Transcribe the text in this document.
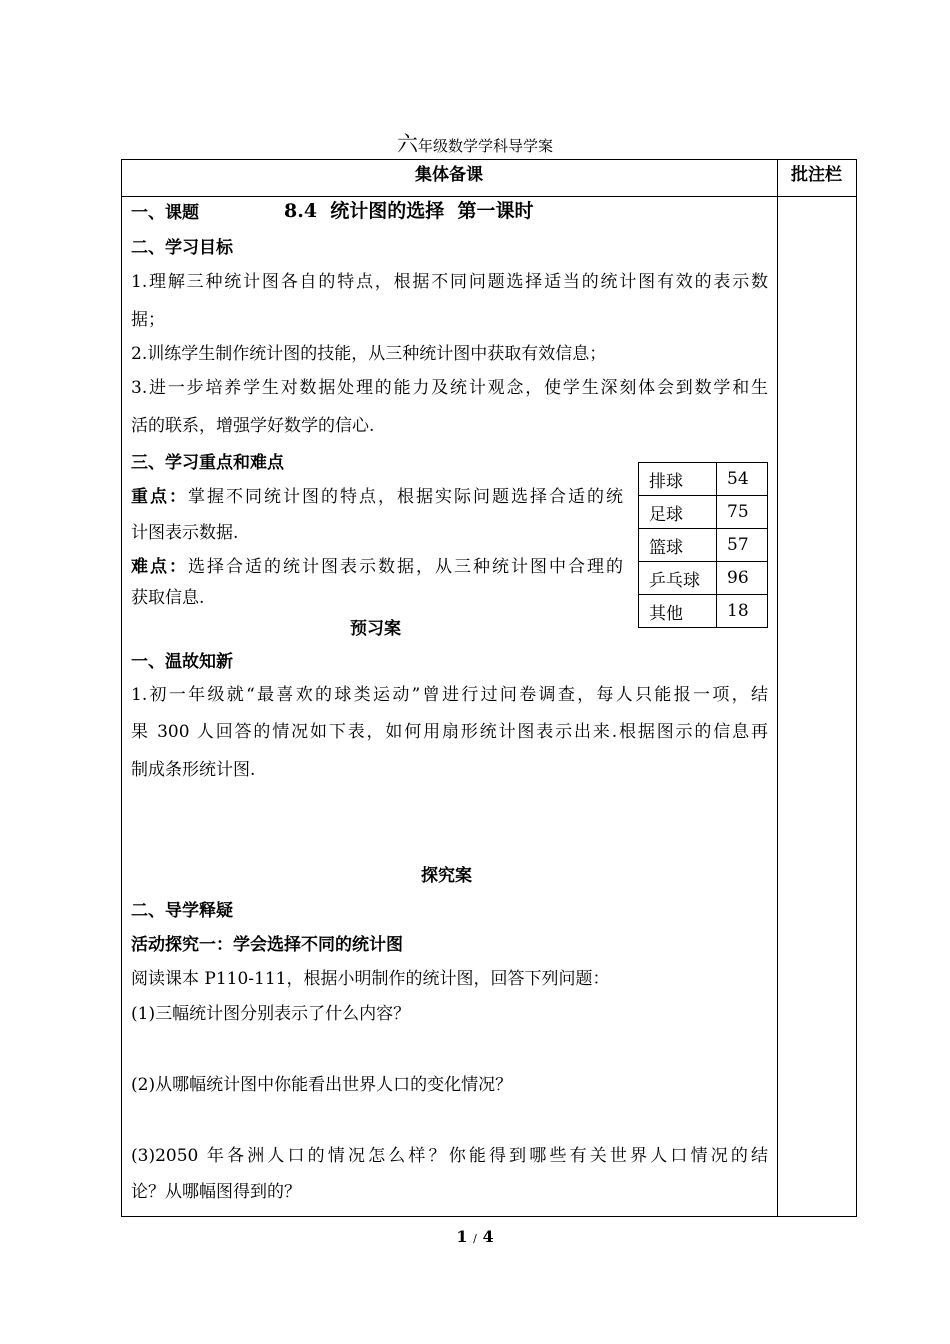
六年级数学学科导学案
集体备课	批注栏
一、课题	8.4  统计图的选择  第一课时
二、学习目标
1.理解三种统计图各自的特点，根据不同问题选择适当的统计图有效的表示数
据；
2.训练学生制作统计图的技能，从三种统计图中获取有效信息；
3.进一步培养学生对数据处理的能力及统计观念，使学生深刻体会到数学和生
活的联系，增强学好数学的信心.
三、学习重点和难点
重点：掌握不同统计图的特点，根据实际问题选择合适的统
计图表示数据.
难点：选择合适的统计图表示数据，从三种统计图中合理的
获取信息.
排球	54
足球	75
篮球	57
乒乓球	96
其他	18
预习案
一、温故知新
1.初一年级就“最喜欢的球类运动”曾进行过问卷调查，每人只能报一项，结
果 300 人回答的情况如下表，如何用扇形统计图表示出来.根据图示的信息再
制成条形统计图.
探究案
二、导学释疑
活动探究一：学会选择不同的统计图
阅读课本 P110-111，根据小明制作的统计图，回答下列问题：
(1)三幅统计图分别表示了什么内容？
(2)从哪幅统计图中你能看出世界人口的变化情况？
(3)2050 年各洲人口的情况怎么样？你能得到哪些有关世界人口情况的结
论？从哪幅图得到的？
1 / 4
